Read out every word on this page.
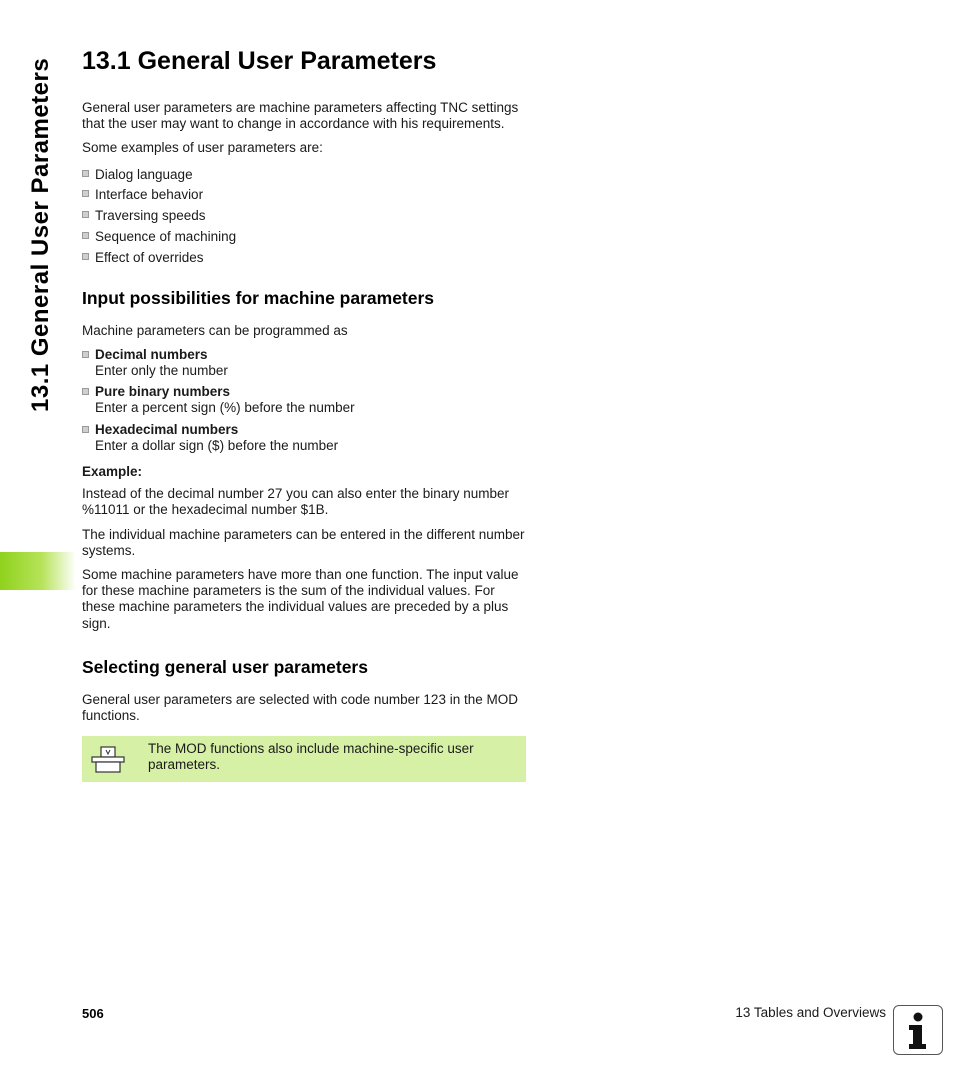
13.1 General User Parameters 13.1 General User Parameters

General user parameters are machine parameters affecting TNC settings that the user may want to change in accordance with his requirements.

Some examples of user parameters are:

Dialog language
Interface behavior
Traversing speeds
Sequence of machining
Effect of overrides
Input possibilities for machine parameters

Machine parameters can be programmed as

Decimal numbers
Enter only the number
Pure binary numbers
Enter a percent sign (%) before the number
Hexadecimal numbers
Enter a dollar sign ($) before the number

Example:

Instead of the decimal number 27 you can also enter the binary number %11011 or the hexadecimal number $1B.

The individual machine parameters can be entered in the different number systems.

Some machine parameters have more than one function. The input value for these machine parameters is the sum of the individual values. For these machine parameters the individual values are preceded by a plus sign.

Selecting general user parameters

General user parameters are selected with code number 123 in the MOD functions.

The MOD functions also include machine-specific user parameters.
506	13 Tables and Overviews
